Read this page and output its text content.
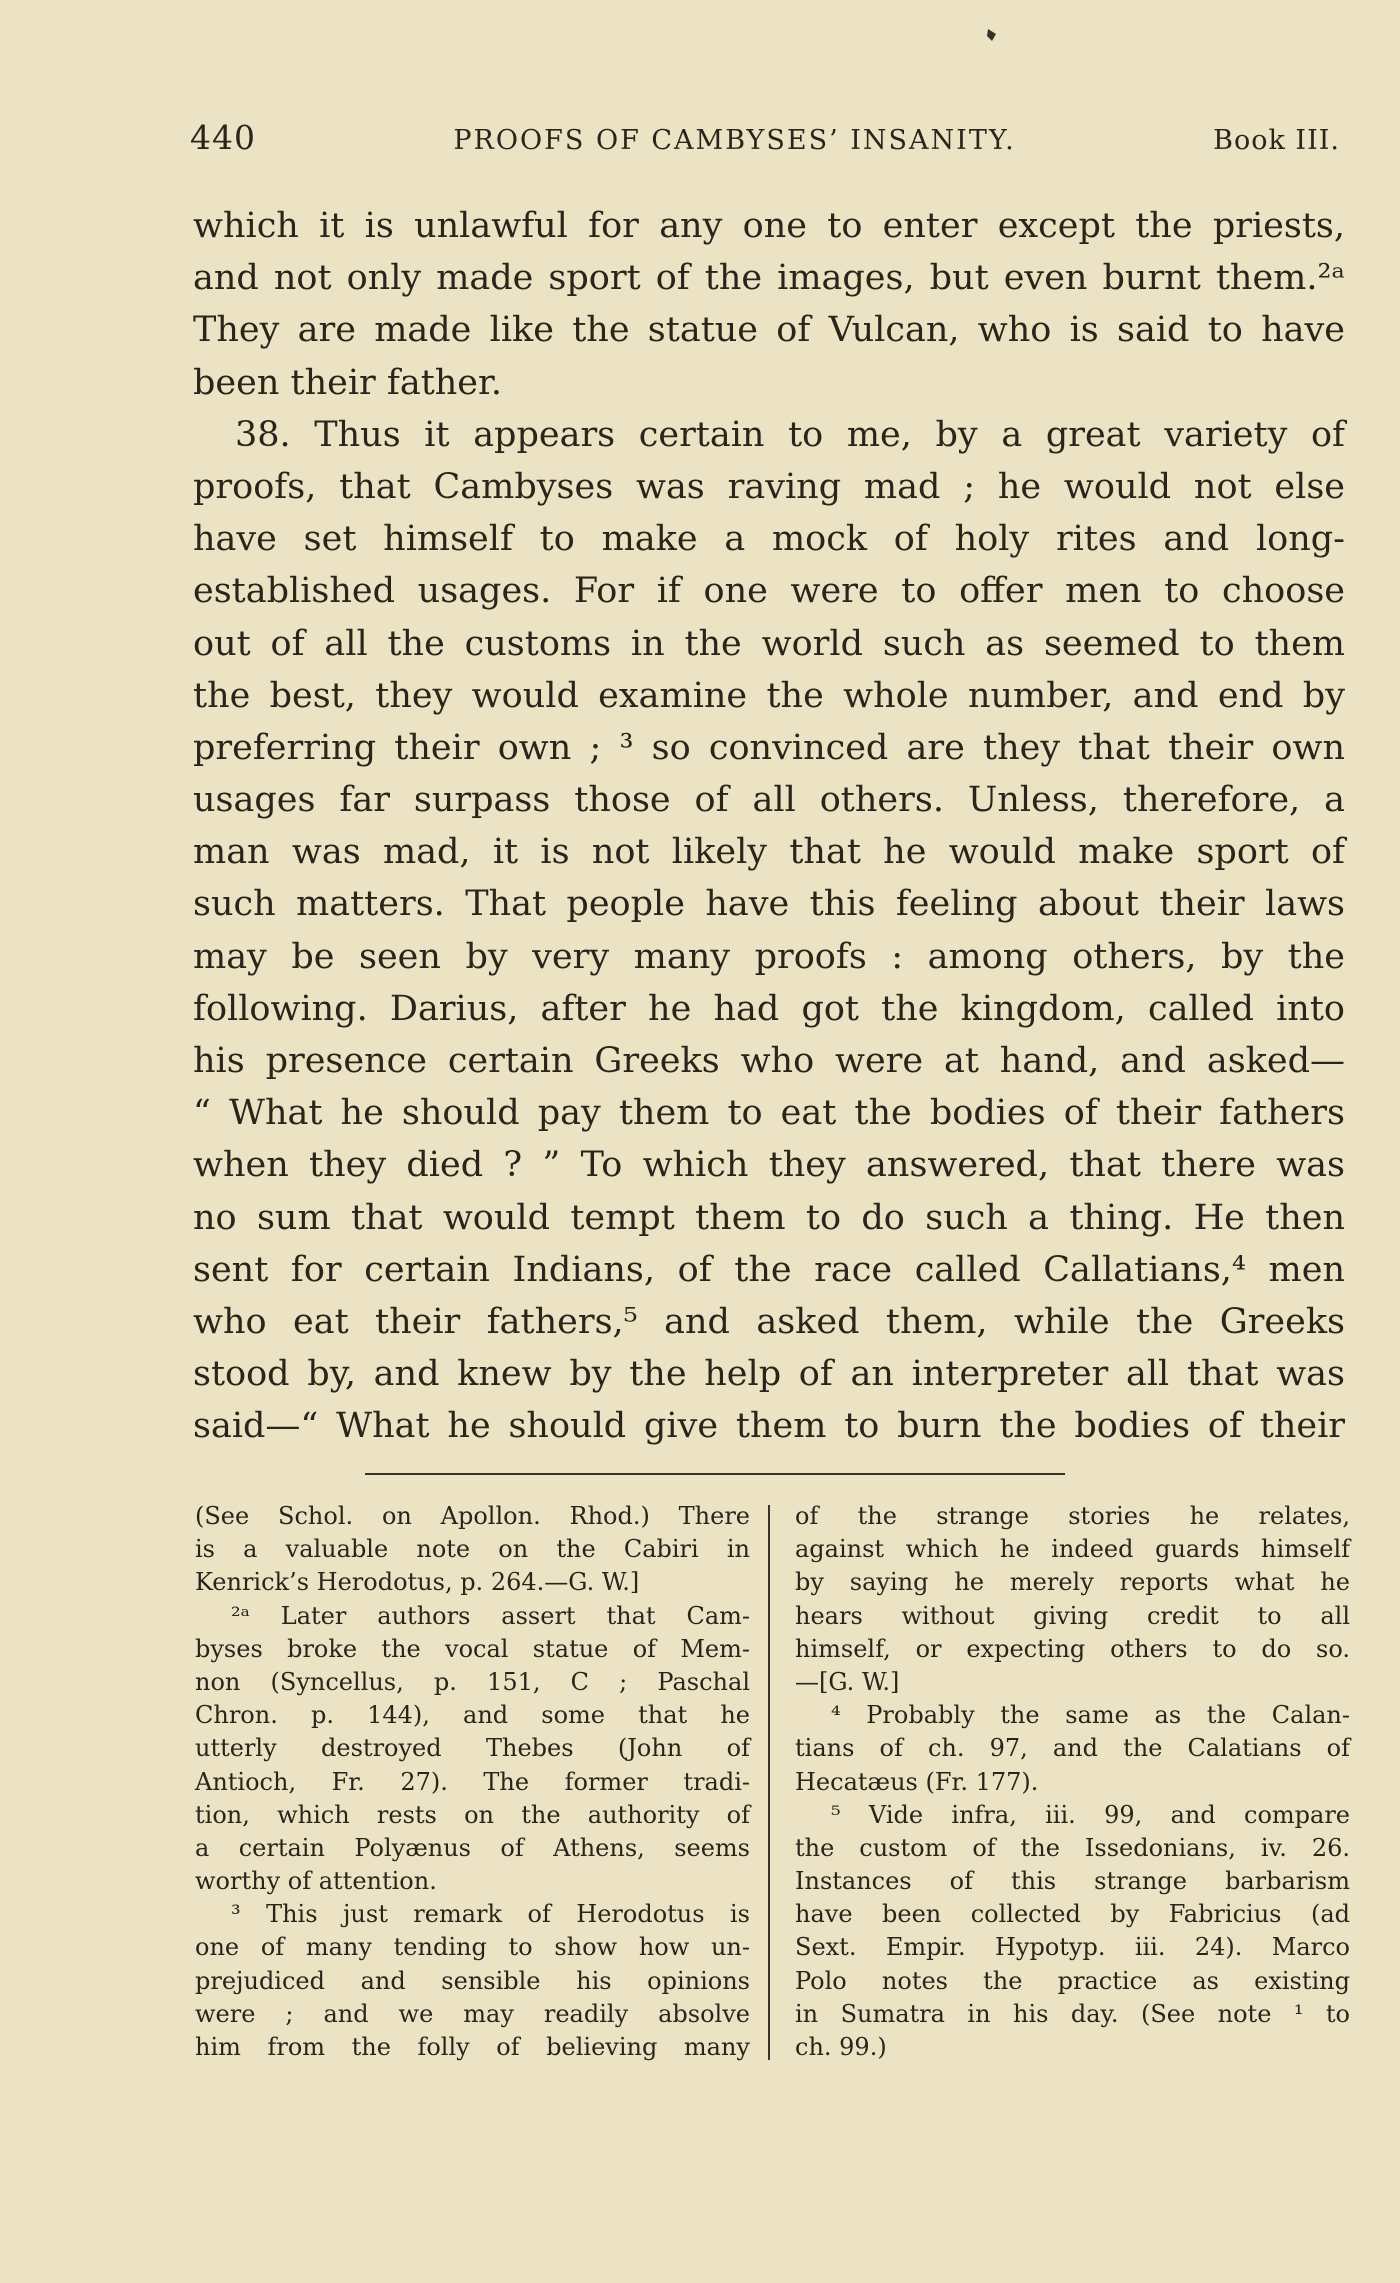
440	PROOFS OF CAMBYSES’ INSANITY.	Book III.
which it is unlawful for any one to enter except the priests,
and not only made sport of the images, but even burnt them.²ᵃ
They are made like the statue of Vulcan, who is said to have
been their father.
38. Thus it appears certain to me, by a great variety of
proofs, that Cambyses was raving mad ; he would not else
have set himself to make a mock of holy rites and long-
established usages. For if one were to offer men to choose
out of all the customs in the world such as seemed to them
the best, they would examine the whole number, and end by
preferring their own ; ³ so convinced are they that their own
usages far surpass those of all others. Unless, therefore, a
man was mad, it is not likely that he would make sport of
such matters. That people have this feeling about their laws
may be seen by very many proofs : among others, by the
following. Darius, after he had got the kingdom, called into
his presence certain Greeks who were at hand, and asked—
“ What he should pay them to eat the bodies of their fathers
when they died ? ” To which they answered, that there was
no sum that would tempt them to do such a thing. He then
sent for certain Indians, of the race called Callatians,⁴ men
who eat their fathers,⁵ and asked them, while the Greeks
stood by, and knew by the help of an interpreter all that was
said—“ What he should give them to burn the bodies of their
(See Schol. on Apollon. Rhod.) There
is a valuable note on the Cabiri in
Kenrick’s Herodotus, p. 264.—G. W.]
²ᵃ Later authors assert that Cam-
byses broke the vocal statue of Mem-
non (Syncellus, p. 151, C ; Paschal
Chron. p. 144), and some that he
utterly destroyed Thebes (John of
Antioch, Fr. 27). The former tradi-
tion, which rests on the authority of
a certain Polyænus of Athens, seems
worthy of attention.
³ This just remark of Herodotus is
one of many tending to show how un-
prejudiced and sensible his opinions
were ; and we may readily absolve
him from the folly of believing many
of the strange stories he relates,
against which he indeed guards himself
by saying he merely reports what he
hears without giving credit to all
himself, or expecting others to do so.
—[G. W.]
⁴ Probably the same as the Calan-
tians of ch. 97, and the Calatians of
Hecatæus (Fr. 177).
⁵ Vide infra, iii. 99, and compare
the custom of the Issedonians, iv. 26.
Instances of this strange barbarism
have been collected by Fabricius (ad
Sext. Empir. Hypotyp. iii. 24). Marco
Polo notes the practice as existing
in Sumatra in his day. (See note ¹ to
ch. 99.)
